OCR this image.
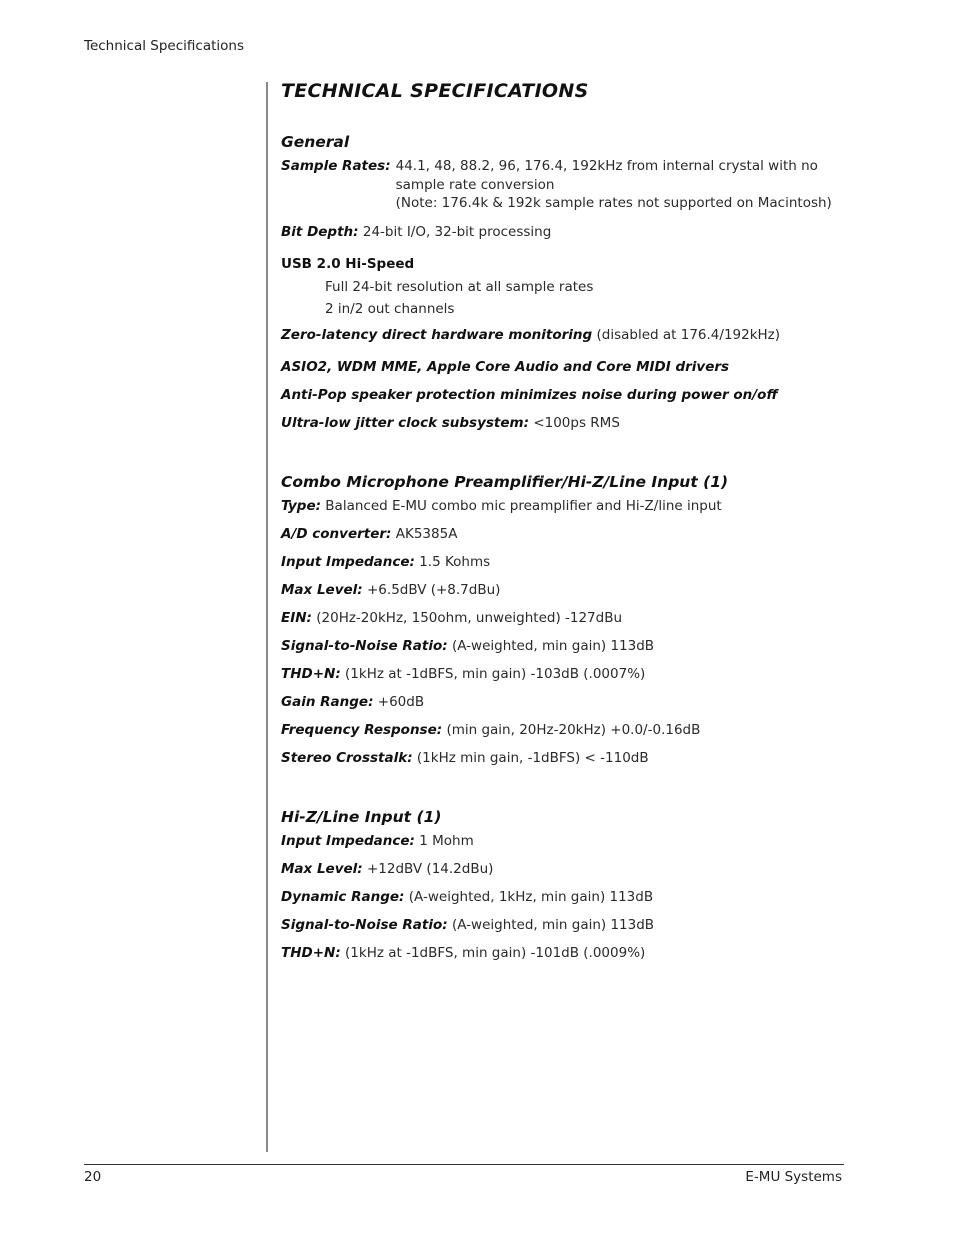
Technical Specifications
TECHNICAL SPECIFICATIONS
General
Sample Rates: 44.1, 48, 88.2, 96, 176.4, 192kHz from internal crystal with no
sample rate conversion
(Note: 176.4k & 192k sample rates not supported on Macintosh)

Bit Depth: 24-bit I/O, 32-bit processing

USB 2.0 Hi-Speed

Full 24-bit resolution at all sample rates

2 in/2 out channels

Zero-latency direct hardware monitoring (disabled at 176.4/192kHz)

ASIO2, WDM MME, Apple Core Audio and Core MIDI drivers

Anti-Pop speaker protection minimizes noise during power on/off

Ultra-low jitter clock subsystem: <100ps RMS

Combo Microphone Preamplifier/Hi-Z/Line Input (1)

Type: Balanced E-MU combo mic preamplifier and Hi-Z/line input

A/D converter: AK5385A

Input Impedance: 1.5 Kohms

Max Level: +6.5dBV (+8.7dBu)

EIN: (20Hz-20kHz, 150ohm, unweighted) -127dBu

Signal-to-Noise Ratio: (A-weighted, min gain) 113dB

THD+N: (1kHz at -1dBFS, min gain) -103dB (.0007%)

Gain Range: +60dB

Frequency Response: (min gain, 20Hz-20kHz) +0.0/-0.16dB

Stereo Crosstalk: (1kHz min gain, -1dBFS) < -110dB

Hi-Z/Line Input (1)

Input Impedance: 1 Mohm

Max Level: +12dBV (14.2dBu)

Dynamic Range: (A-weighted, 1kHz, min gain) 113dB

Signal-to-Noise Ratio: (A-weighted, min gain) 113dB

THD+N: (1kHz at -1dBFS, min gain) -101dB (.0009%)

20	E-MU Systems
